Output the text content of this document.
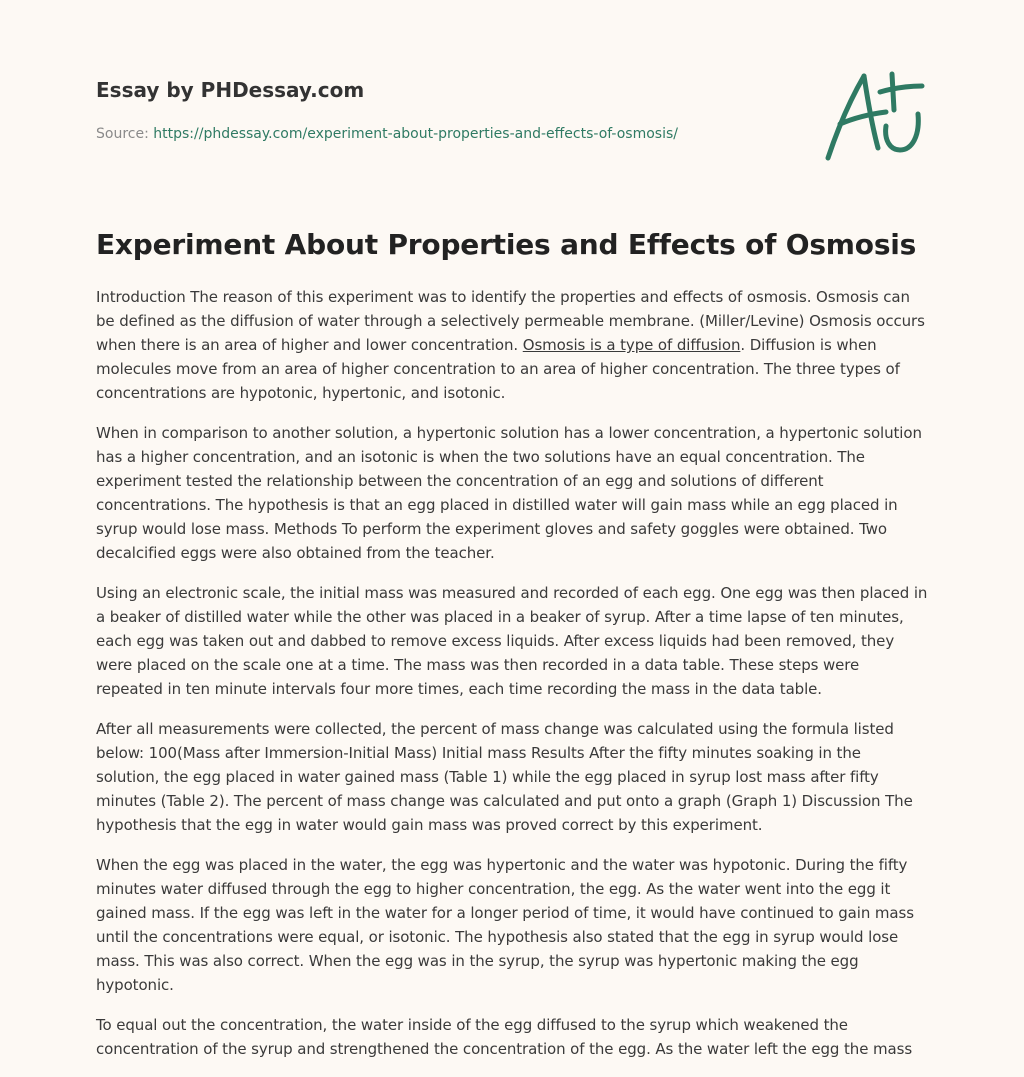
Essay by PHDessay.com
Source: https://phdessay.com/experiment-about-properties-and-effects-of-osmosis/
Experiment About Properties and Effects of Osmosis

Introduction The reason of this experiment was to identify the properties and effects of osmosis. Osmosis can be defined as the diffusion of water through a selectively permeable membrane. (Miller/Levine) Osmosis occurs when there is an area of higher and lower concentration. Osmosis is a type of diffusion. Diffusion is when molecules move from an area of higher concentration to an area of higher concentration. The three types of concentrations are hypotonic, hypertonic, and isotonic.

When in comparison to another solution, a hypertonic solution has a lower concentration, a hypertonic solution has a higher concentration, and an isotonic is when the two solutions have an equal concentration. The experiment tested the relationship between the concentration of an egg and solutions of different concentrations. The hypothesis is that an egg placed in distilled water will gain mass while an egg placed in syrup would lose mass. Methods To perform the experiment gloves and safety goggles were obtained. Two decalcified eggs were also obtained from the teacher.

Using an electronic scale, the initial mass was measured and recorded of each egg. One egg was then placed in a beaker of distilled water while the other was placed in a beaker of syrup. After a time lapse of ten minutes, each egg was taken out and dabbed to remove excess liquids. After excess liquids had been removed, they were placed on the scale one at a time. The mass was then recorded in a data table. These steps were repeated in ten minute intervals four more times, each time recording the mass in the data table.

After all measurements were collected, the percent of mass change was calculated using the formula listed below: 100(Mass after Immersion-Initial Mass) Initial mass Results After the fifty minutes soaking in the solution, the egg placed in water gained mass (Table 1) while the egg placed in syrup lost mass after fifty minutes (Table 2). The percent of mass change was calculated and put onto a graph (Graph 1) Discussion The hypothesis that the egg in water would gain mass was proved correct by this experiment.

When the egg was placed in the water, the egg was hypertonic and the water was hypotonic. During the fifty minutes water diffused through the egg to higher concentration, the egg. As the water went into the egg it gained mass. If the egg was left in the water for a longer period of time, it would have continued to gain mass until the concentrations were equal, or isotonic. The hypothesis also stated that the egg in syrup would lose mass. This was also correct. When the egg was in the syrup, the syrup was hypertonic making the egg hypotonic.

To equal out the concentration, the water inside of the egg diffused to the syrup which weakened the concentration of the syrup and strengthened the concentration of the egg. As the water left the egg the mass
